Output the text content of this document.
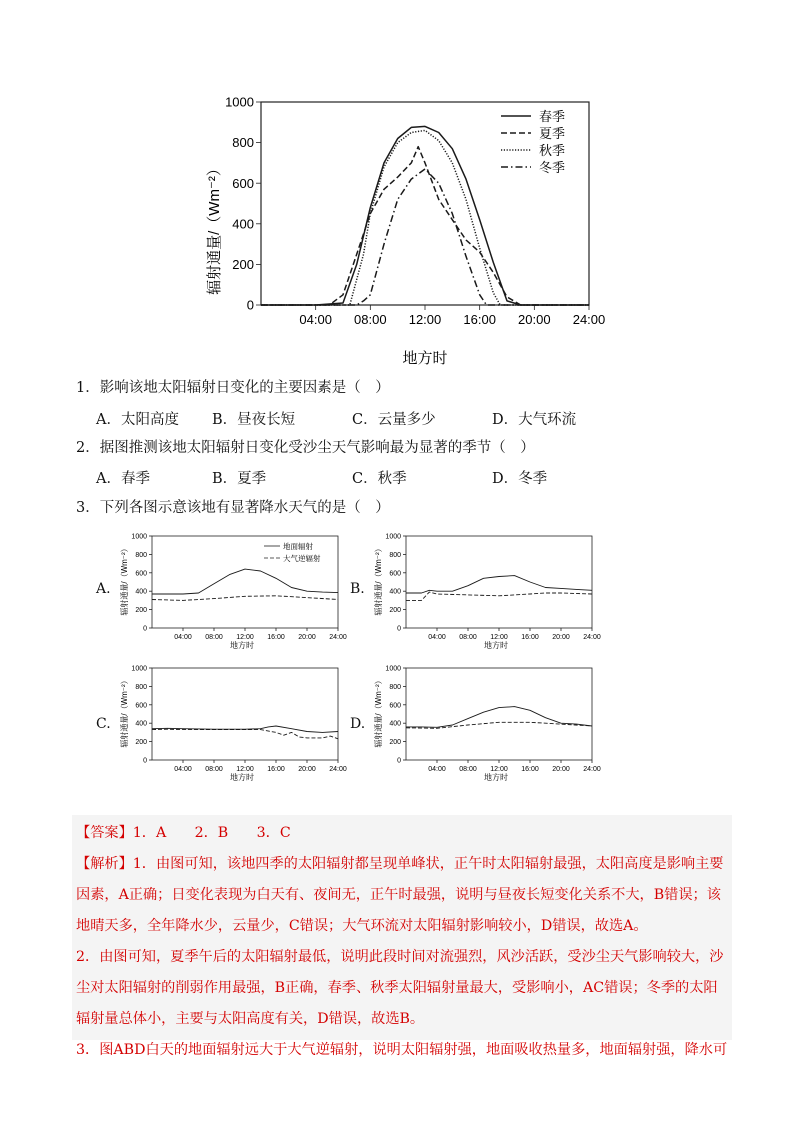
0
200
400
600
800
1000
04:00 08:00 12:00 16:00 20:00 24:00
春季
夏季
秋季
冬季
辐射通量/（Wm⁻²）
地方时
1．影响该地太阳辐射日变化的主要因素是（　）
A．太阳高度 B．昼夜长短	C．云量多少	D．大气环流
2．据图推测该地太阳辐射日变化受沙尘天气影响最为显著的季节（　）
A．春季	B．夏季	C．秋季	D．冬季
3．下列各图示意该地有显著降水天气的是（　）
A.
0
200
400
600
800
1000
04:00 08:00 12:00 16:00 20:00 24:00
辐射通量/（Wm⁻²）
地方时
地面辐射
大气逆辐射
B.
0
200
400
600
800
1000
04:00 08:00 12:00 16:00 20:00 24:00
辐射通量/（Wm⁻²）
地方时
C.
0
200
400
600
800
1000
04:00 08:00 12:00 16:00 20:00 24:00
辐射通量/（Wm⁻²）
地方时
D.
0
200
400
600
800
1000
04:00 08:00 12:00 16:00 20:00 24:00
辐射通量/（Wm⁻²）
地方时
【答案】1．A　　2．B　　3．C
【解析】1．由图可知，该地四季的太阳辐射都呈现单峰状，正午时太阳辐射最强，太阳高度是影响主要
因素，A正确；日变化表现为白天有、夜间无，正午时最强，说明与昼夜长短变化关系不大，B错误；该
地晴天多，全年降水少，云量少，C错误；大气环流对太阳辐射影响较小，D错误，故选A。
2．由图可知，夏季午后的太阳辐射最低，说明此段时间对流强烈，风沙活跃，受沙尘天气影响较大，沙
尘对太阳辐射的削弱作用最强，B正确，春季、秋季太阳辐射量最大，受影响小，AC错误；冬季的太阳
辐射量总体小，主要与太阳高度有关，D错误，故选B。
3．图ABD白天的地面辐射远大于大气逆辐射，说明太阳辐射强，地面吸收热量多，地面辐射强，降水可
